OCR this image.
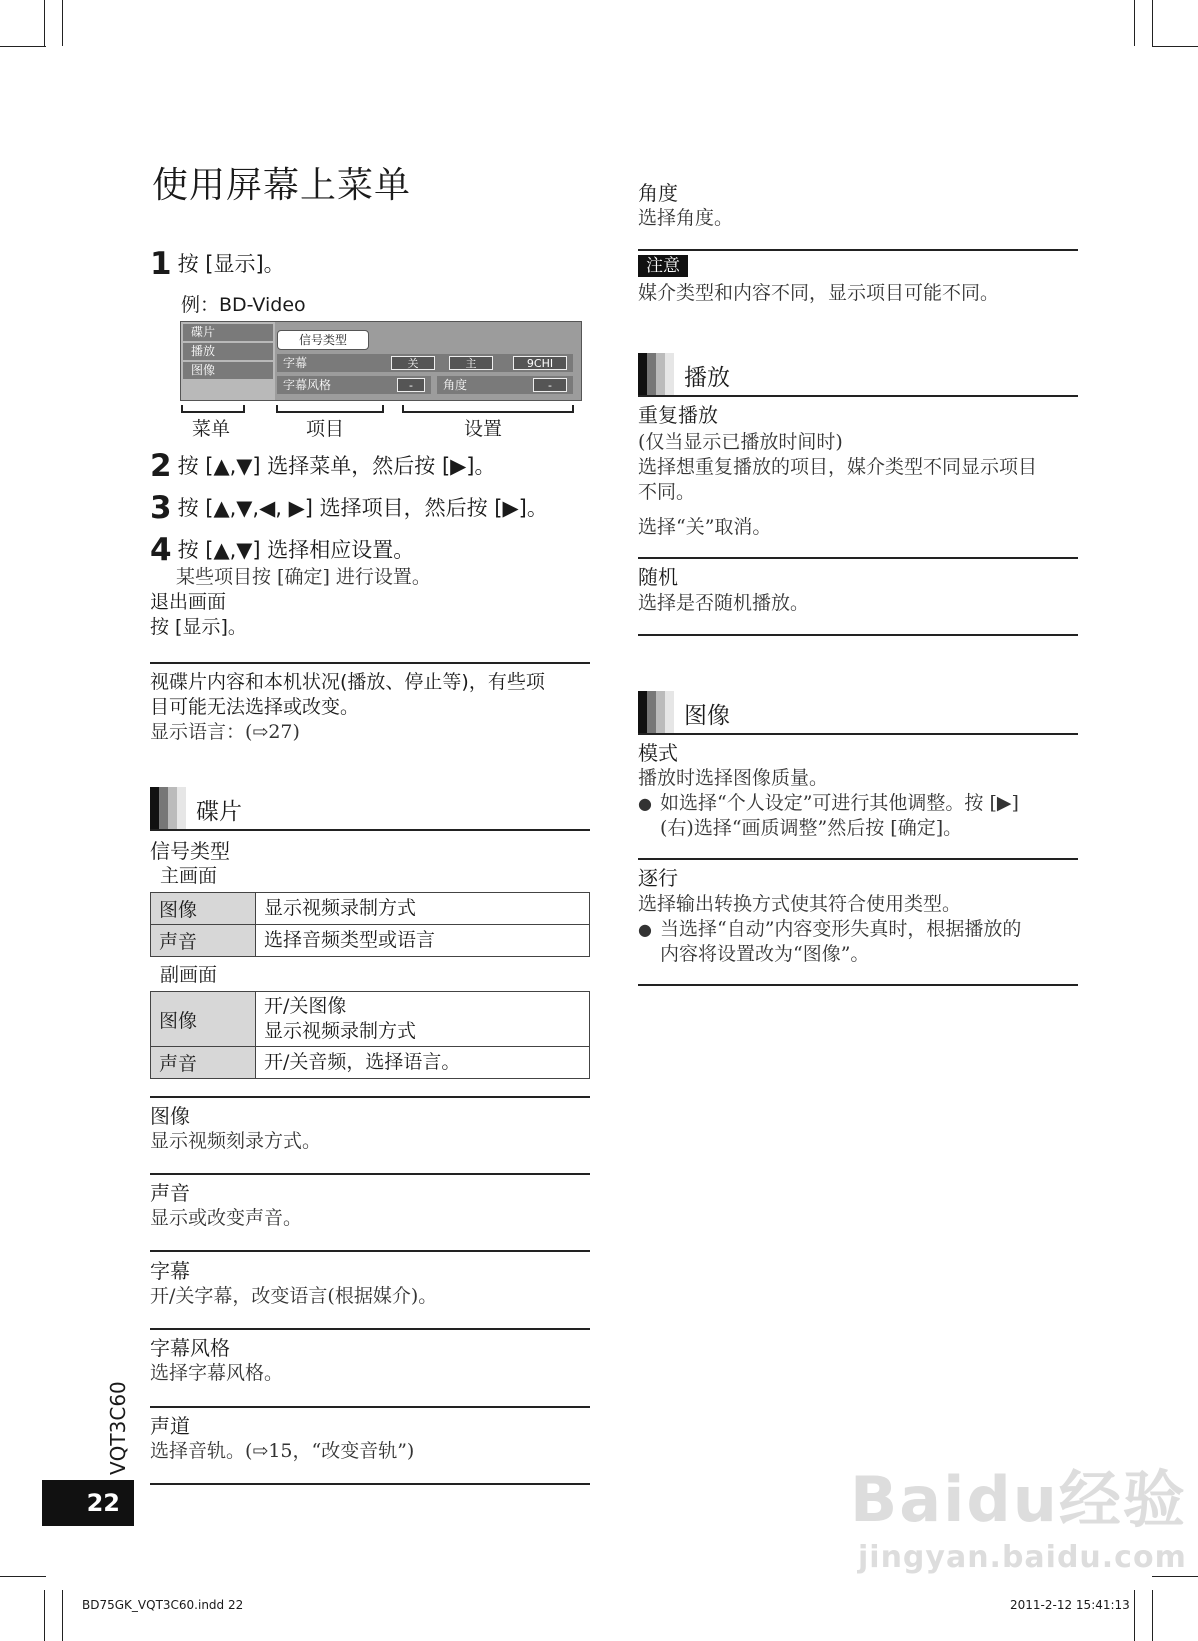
使用屏幕上菜单
1 按 [显示]。
例：BD-Video
碟片
播放
图像
信号类型
字幕	关	主	9CHI
字幕风格	-	角度	-
菜单	项目	设置
2 按 [▲,▼] 选择菜单，然后按 [▶]。
3 按 [▲,▼,◀, ▶] 选择项目，然后按 [▶]。
4 按 [▲,▼] 选择相应设置。
某些项目按 [确定] 进行设置。
退出画面
按 [显示]。
视碟片内容和本机状况(播放、停止等)，有些项
目可能无法选择或改变。
显示语言：(⇨27)
碟片
信号类型
主画面
图像	显示视频录制方式
声音	选择音频类型或语言
副画面
图像	开/关图像
显示视频录制方式

声音	开/关音频，选择语言。
图像
显示视频刻录方式。
声音
显示或改变声音。
字幕
开/关字幕，改变语言(根据媒介)。
字幕风格
选择字幕风格。
声道
选择音轨。(⇨15，“改变音轨”)
角度
选择角度。
注意
媒介类型和内容不同，显示项目可能不同。
播放
重复播放
(仅当显示已播放时间时)
选择想重复播放的项目，媒介类型不同显示项目
不同。
选择“关”取消。
随机
选择是否随机播放。
图像
模式
播放时选择图像质量。
● 如选择“个人设定”可进行其他调整。按 [▶]
(右)选择“画质调整”然后按 [确定]。
逐行
选择输出转换方式使其符合使用类型。
● 当选择“自动”内容变形失真时，根据播放的
内容将设置改为“图像”。
VQT3C60
22	Baidu经验
jingyan.baidu.com
BD75GK_VQT3C60.indd 22	2011-2-12 15:41:13
